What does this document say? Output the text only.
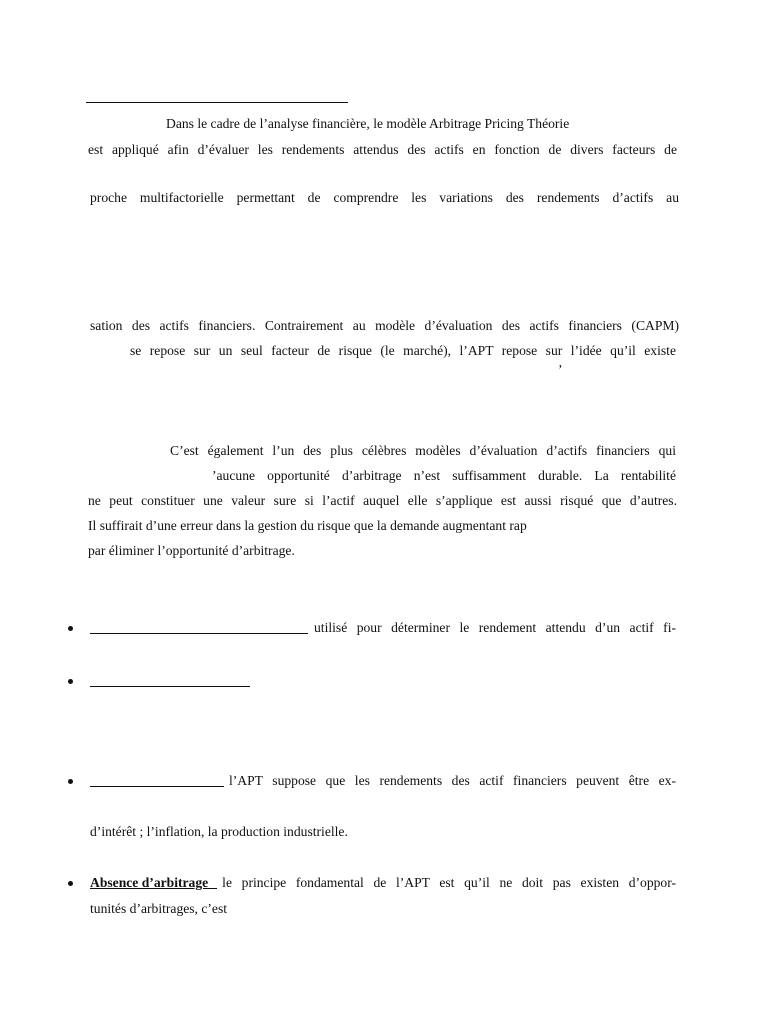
Dans le cadre de l’analyse financière, le modèle Arbitrage Pricing Théorie
est appliqué afin d’évaluer les rendements attendus des actifs en fonction de divers facteurs de
proche multifactorielle permettant de comprendre les variations des rendements d’actifs au
sation des actifs financiers. Contrairement au modèle d’évaluation des actifs financiers (CAPM)
se repose sur un seul facteur de risque (le marché), l’APT repose sur l’idée qu’il existe
’
C’est également l’un des plus célèbres modèles d’évaluation d’actifs financiers qui
’aucune opportunité d’arbitrage n’est suffisamment durable. La rentabilité
ne peut constituer une valeur sure si l’actif auquel elle s’applique est aussi risqué que d’autres.
Il suffirait d’une erreur dans la gestion du risque que la demande augmentant rap
par éliminer l’opportunité d’arbitrage.
utilisé pour déterminer le rendement attendu d’un actif fi-
l’APT suppose que les rendements des actif financiers peuvent être ex-
d’intérêt ; l’inflation, la production industrielle.
Absence d’arbitrage le principe fondamental de l’APT est qu’il ne doit pas existen d’oppor-
tunités d’arbitrages, c’est
